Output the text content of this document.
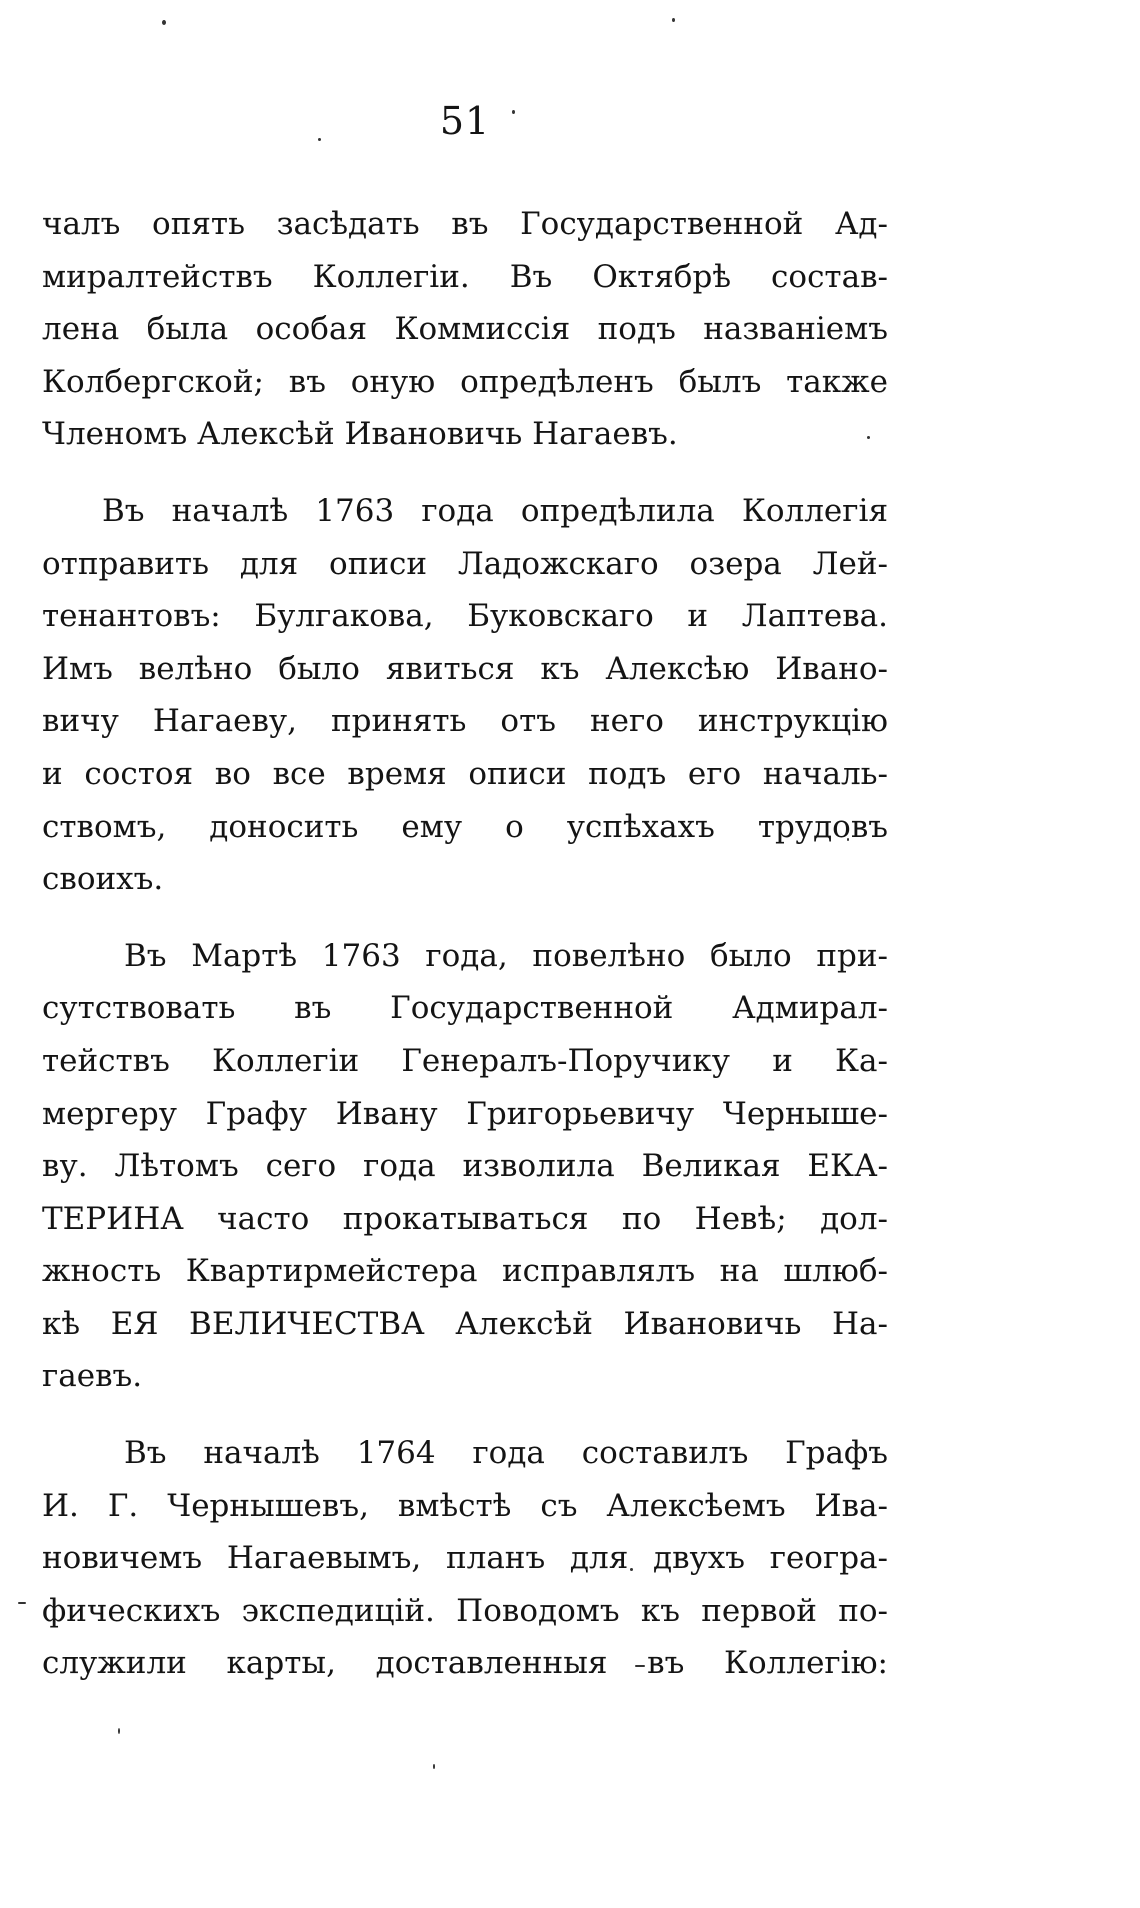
51

чалъ опять засѣдать въ Государственной Ад-
миралтействъ Коллегіи. Въ Октябрѣ состав-
лена была особая Коммиссія подъ названіемъ
Колбергской; въ оную опредѣленъ былъ также
Членомъ Алексѣй Ивановичь Нагаевъ.

Въ началѣ 1763 года опредѣлила Коллегія
отправить для описи Ладожскаго озера Лей-
тенантовъ: Булгакова, Буковскаго и Лаптева.
Имъ велѣно было явиться къ Алексѣю Ивано-
вичу Нагаеву, принять отъ него инструкцію
и состоя во все время описи подъ его началь-
ствомъ, доносить ему о успѣхахъ трудовъ
своихъ.

Въ Мартѣ 1763 года, повелѣно было при-
сутствовать въ Государственной Адмирал-
тействъ Коллегіи Генералъ-Поручику и Ка-
мергеру Графу Ивану Григорьевичу Черныше-
ву. Лѣтомъ сего года изволила Великая ЕКА-
ТЕРИНА часто прокатываться по Невѣ; дол-
жность Квартирмейстера исправлялъ на шлюб-
кѣ ЕЯ ВЕЛИЧЕСТВА Алексѣй Ивановичь На-
гаевъ.

Въ началѣ 1764 года составилъ Графъ
И. Г. Чернышевъ, вмѣстѣ съ Алексѣемъ Ива-
новичемъ Нагаевымъ, планъ для двухъ геогра-
фическихъ экспедицій. Поводомъ къ первой по-
служили карты, доставленныя въ Коллегію:
